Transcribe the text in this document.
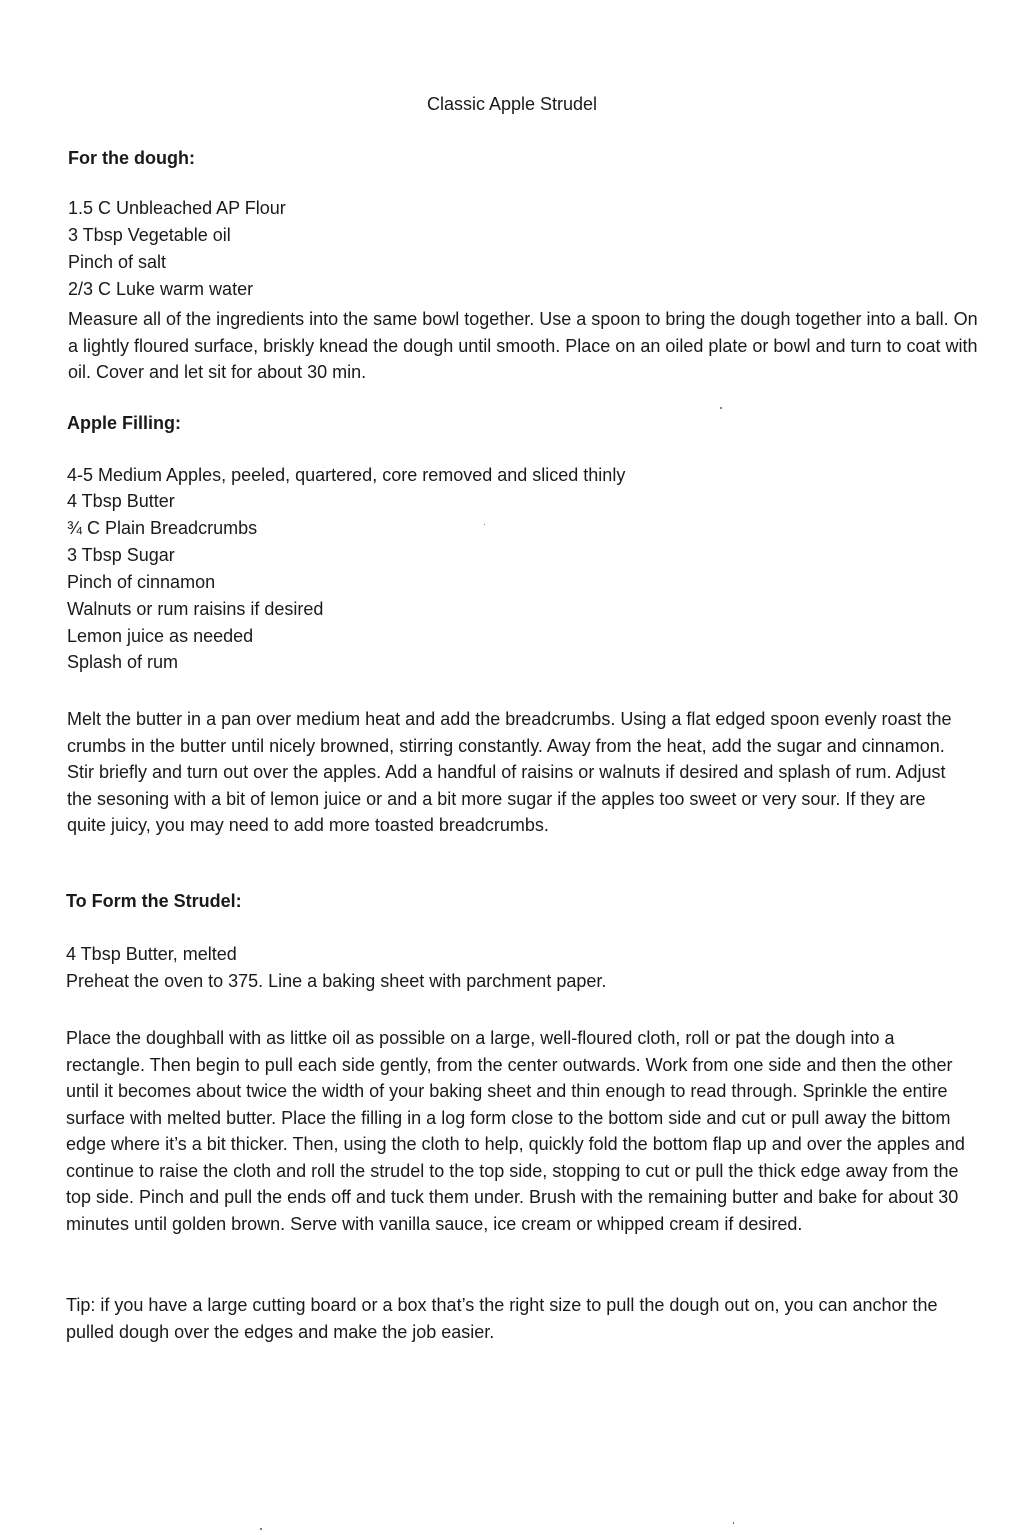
Classic Apple Strudel
For the dough:
1.5 C Unbleached AP Flour
3 Tbsp Vegetable oil
Pinch of salt
2/3 C Luke warm water
Measure all of the ingredients into the same bowl together. Use a spoon to bring the dough together into a ball. On a lightly floured surface, briskly knead the dough until smooth. Place on an oiled plate or bowl and turn to coat with oil. Cover and let sit for about 30 min.
Apple Filling:
4-5 Medium Apples, peeled, quartered, core removed and sliced thinly
4 Tbsp Butter
¾ C Plain Breadcrumbs
3 Tbsp Sugar
Pinch of cinnamon
Walnuts or rum raisins if desired
Lemon juice as needed
Splash of rum
Melt the butter in a pan over medium heat and add the breadcrumbs. Using a flat edged spoon evenly roast the crumbs in the butter until nicely browned, stirring constantly. Away from the heat, add the sugar and cinnamon. Stir briefly and turn out over the apples. Add a handful of raisins or walnuts if desired and splash of rum. Adjust the sesoning with a bit of lemon juice or and a bit more sugar if the apples too sweet or very sour. If they are quite juicy, you may need to add more toasted breadcrumbs.
To Form the Strudel:
4 Tbsp Butter, melted
Preheat the oven to 375. Line a baking sheet with parchment paper.
Place the doughball with as littke oil as possible on a large, well-floured cloth, roll or pat the dough into a rectangle. Then begin to pull each side gently, from the center outwards. Work from one side and then the other until it becomes about twice the width of your baking sheet and thin enough to read through. Sprinkle the entire surface with melted butter. Place the filling in a log form close to the bottom side and cut or pull away the bittom edge where it’s a bit thicker. Then, using the cloth to help, quickly fold the bottom flap up and over the apples and continue to raise the cloth and roll the strudel to the top side, stopping to cut or pull the thick edge away from the top side. Pinch and pull the ends off and tuck them under. Brush with the remaining butter and bake for about 30 minutes until golden brown. Serve with vanilla sauce, ice cream or whipped cream if desired.
Tip: if you have a large cutting board or a box that’s the right size to pull the dough out on, you can anchor the pulled dough over the edges and make the job easier.
